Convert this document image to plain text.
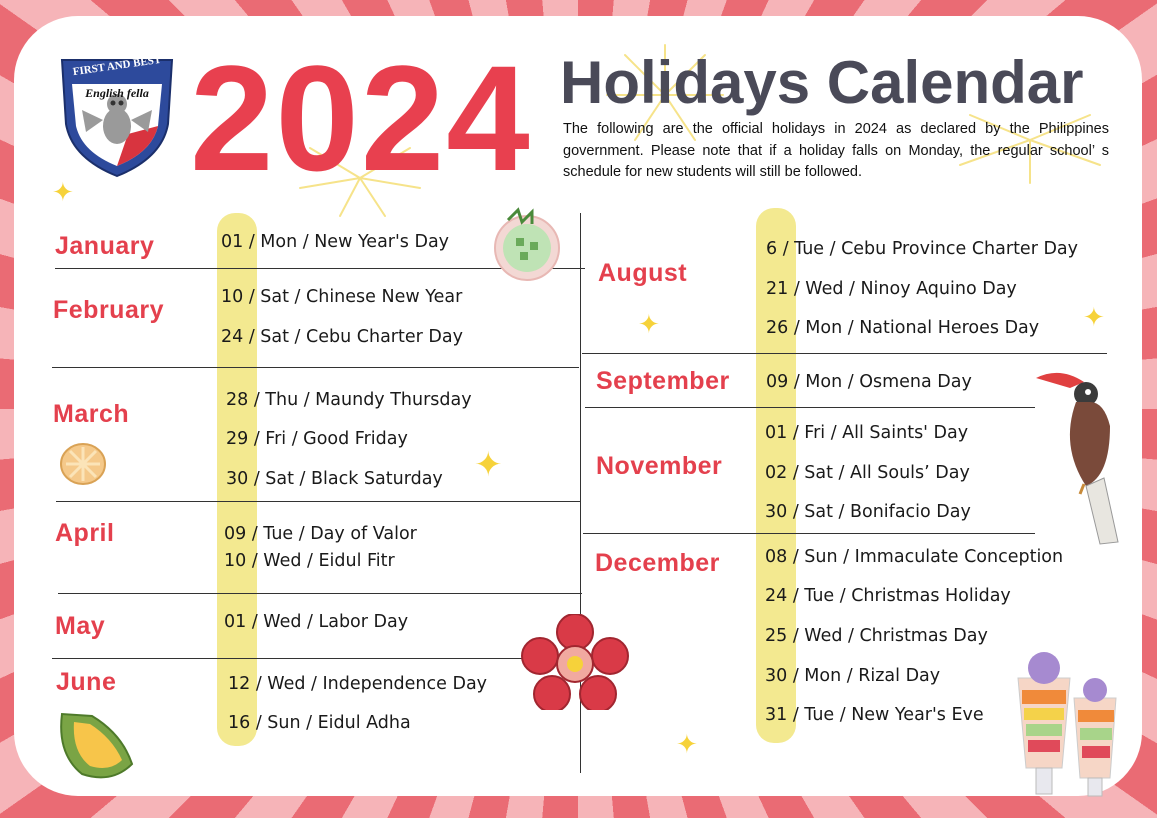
FIRST AND BEST
English fella 2024 Holidays Calendar
The following are the official holidays in 2024 as declared by the Philippines government. Please note that if a holiday falls on Monday, the regular school’ s schedule for new students will still be followed.
January
February
March
April
May
June
01 / Mon / New Year's Day
10 / Sat / Chinese New Year
24 / Sat / Cebu Charter Day
28 / Thu / Maundy Thursday
29 / Fri / Good Friday
30 / Sat / Black Saturday
09 / Tue / Day of Valor
10 / Wed / Eidul Fitr
01 / Wed / Labor Day
12 / Wed / Independence Day
16 / Sun / Eidul Adha
August
September
November
December
6 / Tue / Cebu Province Charter Day
21 / Wed / Ninoy Aquino Day
26 / Mon / National Heroes Day
09 / Mon / Osmena Day
01 / Fri / All Saints' Day
02 / Sat / All Souls’ Day
30 / Sat / Bonifacio Day
08 / Sun / Immaculate Conception
24 / Tue / Christmas Holiday
25 / Wed / Christmas Day
30 / Mon / Rizal Day
31 / Tue / New Year's Eve
✦
✦
✦	✦
✦
